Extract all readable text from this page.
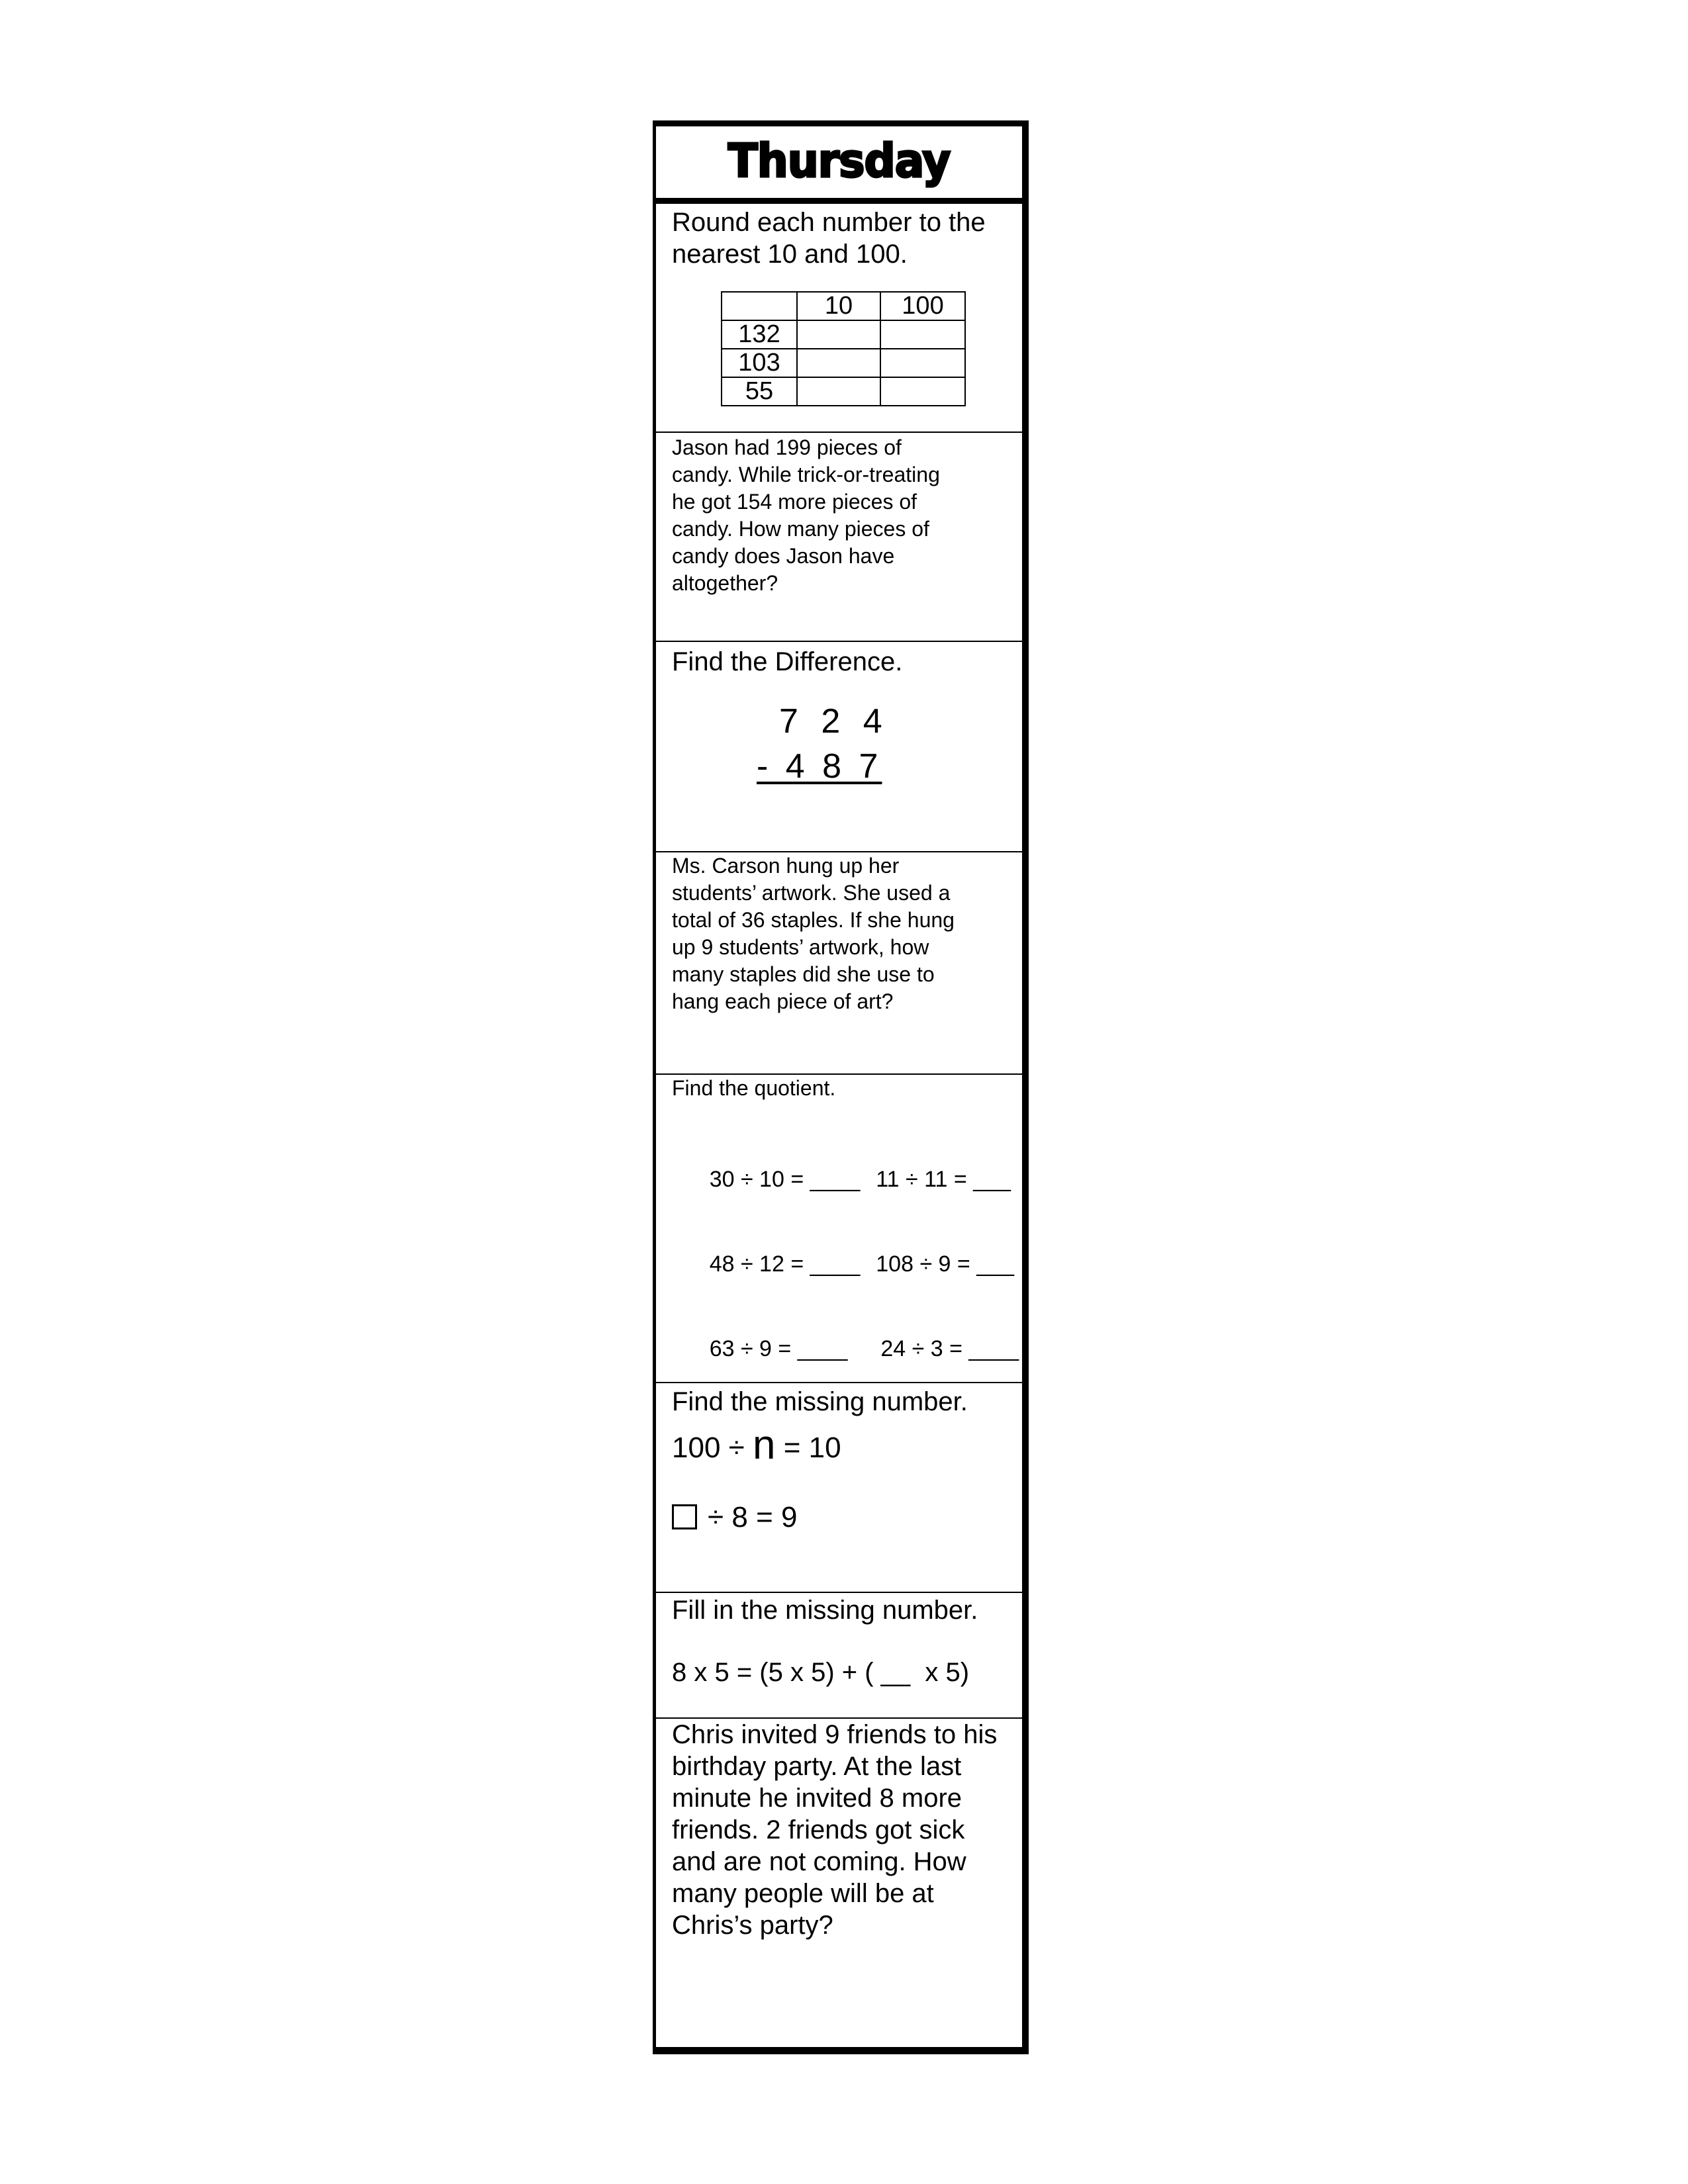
Thursday
Round each number to the nearest 10 and 100.
	10	100
132		
103		
55		
Jason had 199 pieces of
candy. While trick-or-treating
he got 154 more pieces of
candy. How many pieces of
candy does Jason have
altogether?
Find the Difference.
7 2 4
- 4 8 7
Ms. Carson hung up her
students’ artwork. She used a
total of 36 staples. If she hung
up 9 students’ artwork, how
many staples did she use to
hang each piece of art?
Find the quotient.

30 ÷ 10 = ____ 11 ÷ 11 = ___

48 ÷ 12 = ____ 108 ÷ 9 = ___

63 ÷ 9 = ____ 24 ÷ 3 = ____

Find the missing number.
100 ÷ n = 10
÷ 8 = 9
Fill in the missing number.
8 x 5 = (5 x 5) + ( __  x 5)
Chris invited 9 friends to his
birthday party. At the last
minute he invited 8 more
friends. 2 friends got sick
and are not coming. How
many people will be at
Chris’s party?
